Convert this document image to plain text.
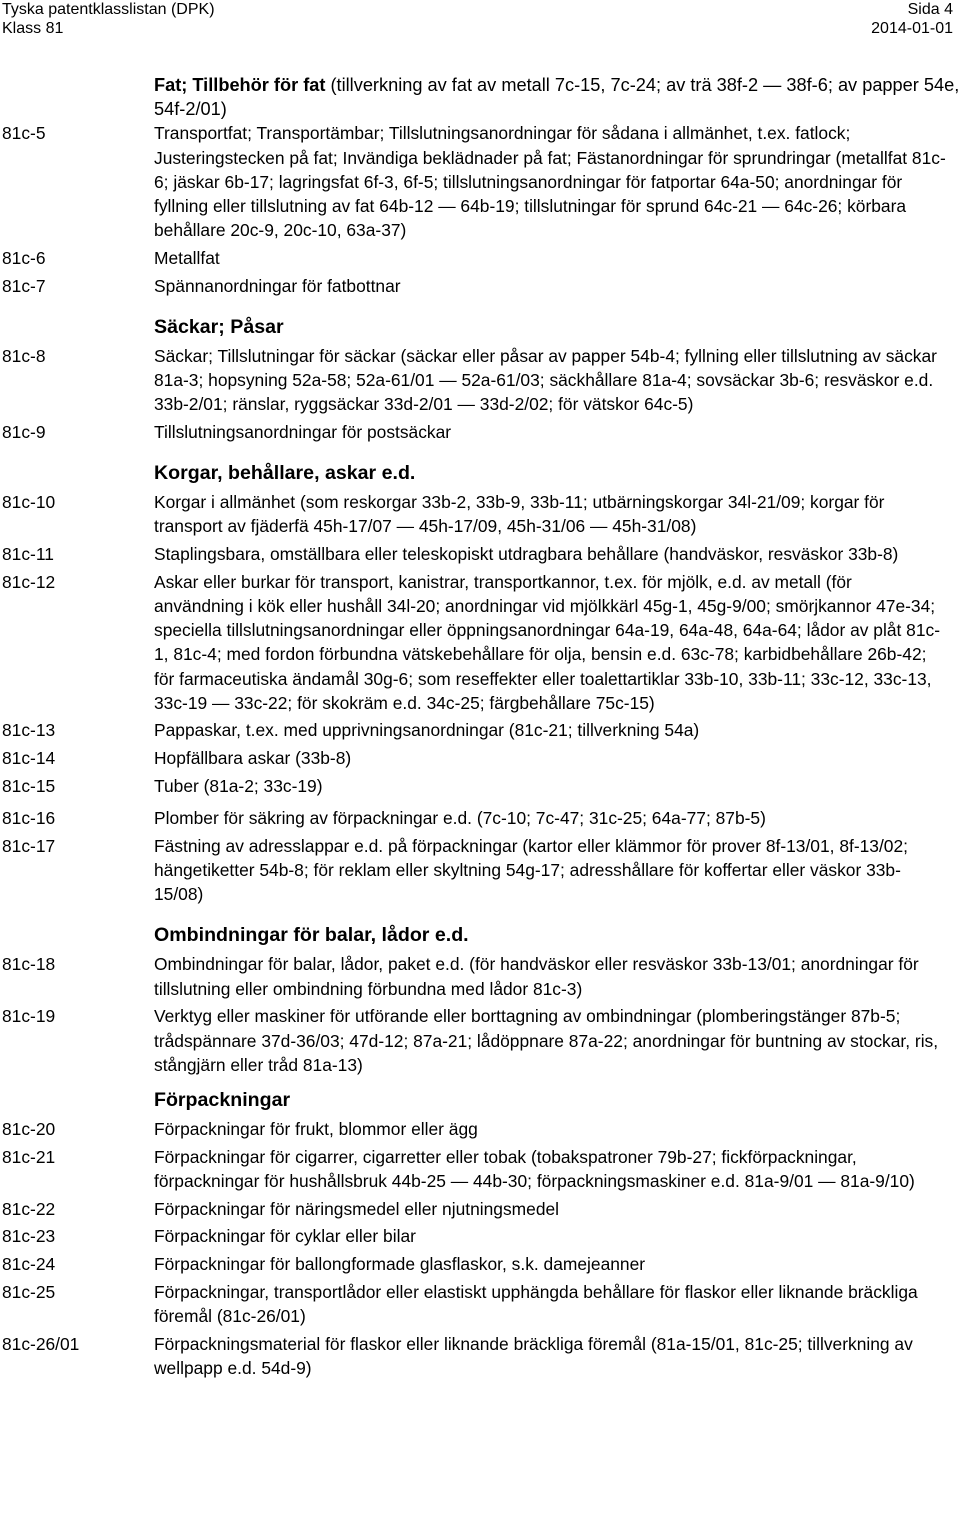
Tyska patentklasslistan (DPK)
Klass 81
Sida 4
2014-01-01
Fat; Tillbehör för fat (tillverkning av fat av metall 7c-15, 7c-24; av trä 38f-2 — 38f-6; av papper 54e, 54f-2/01)
81c-5	Transportfat; Transportämbar; Tillslutningsanordningar för sådana i allmänhet, t.ex. fatlock; Justeringstecken på fat; Invändiga beklädnader på fat; Fästanordningar för sprundringar (metallfat 81c-6; jäskar 6b-17; lagringsfat 6f-3, 6f-5; tillslutningsanordningar för fatportar 64a-50; anordningar för fyllning eller tillslutning av fat 64b-12 — 64b-19; tillslutningar för sprund 64c-21 — 64c-26; körbara behållare 20c-9, 20c-10, 63a-37)
81c-6	Metallfat
81c-7	Spännanordningar för fatbottnar
Säckar; Påsar
81c-8	Säckar; Tillslutningar för säckar (säckar eller påsar av papper 54b-4; fyllning eller tillslutning av säckar 81a-3; hopsyning 52a-58; 52a-61/01 — 52a-61/03; säckhållare 81a-4; sovsäckar 3b-6; resväskor e.d. 33b-2/01; ränslar, ryggsäckar 33d-2/01 — 33d-2/02; för vätskor 64c-5)
81c-9	Tillslutningsanordningar för postsäckar
Korgar, behållare, askar e.d.
81c-10	Korgar i allmänhet (som reskorgar 33b-2, 33b-9, 33b-11; utbärningskorgar 34l-21/09; korgar för transport av fjäderfä 45h-17/07 — 45h-17/09, 45h-31/06 — 45h-31/08)
81c-11	Staplingsbara, omställbara eller teleskopiskt utdragbara behållare (handväskor, resväskor 33b-8)
81c-12	Askar eller burkar för transport, kanistrar, transportkannor, t.ex. för mjölk, e.d. av metall (för användning i kök eller hushåll 34l-20; anordningar vid mjölkkärl 45g-1, 45g-9/00; smörjkannor 47e-34; speciella tillslutningsanordningar eller öppningsanordningar 64a-19, 64a-48, 64a-64; lådor av plåt 81c-1, 81c-4; med fordon förbundna vätskebehållare för olja, bensin e.d. 63c-78; karbidbehållare 26b-42; för farmaceutiska ändamål 30g-6; som reseffekter eller toalettartiklar 33b-10, 33b-11; 33c-12, 33c-13, 33c-19 — 33c-22; för skokräm e.d. 34c-25; färgbehållare 75c-15)
81c-13	Pappaskar, t.ex. med upprivningsanordningar (81c-21; tillverkning 54a)
81c-14	Hopfällbara askar (33b-8)
81c-15	Tuber (81a-2; 33c-19)
81c-16	Plomber för säkring av förpackningar e.d. (7c-10; 7c-47; 31c-25; 64a-77; 87b-5)
81c-17	Fästning av adresslappar e.d. på förpackningar (kartor eller klämmor för prover 8f-13/01, 8f-13/02; hängetiketter 54b-8; för reklam eller skyltning 54g-17; adresshållare för koffertar eller väskor 33b-15/08)
Ombindningar för balar, lådor e.d.
81c-18	Ombindningar för balar, lådor, paket e.d. (för handväskor eller resväskor 33b-13/01; anordningar för tillslutning eller ombindning förbundna med lådor 81c-3)
81c-19	Verktyg eller maskiner för utförande eller borttagning av ombindningar (plomberingstänger 87b-5; trådspännare 37d-36/03; 47d-12; 87a-21; lådöppnare 87a-22; anordningar för buntning av stockar, ris, stångjärn eller tråd 81a-13)
Förpackningar
81c-20	Förpackningar för frukt, blommor eller ägg
81c-21	Förpackningar för cigarrer, cigarretter eller tobak (tobakspatroner 79b-27; fickförpackningar, förpackningar för hushållsbruk 44b-25 — 44b-30; förpackningsmaskiner e.d. 81a-9/01 — 81a-9/10)
81c-22	Förpackningar för näringsmedel eller njutningsmedel
81c-23	Förpackningar för cyklar eller bilar
81c-24	Förpackningar för ballongformade glasflaskor, s.k. damejeanner
81c-25	Förpackningar, transportlådor eller elastiskt upphängda behållare för flaskor eller liknande bräckliga föremål (81c-26/01)
81c-26/01	Förpackningsmaterial för flaskor eller liknande bräckliga föremål (81a-15/01, 81c-25; tillverkning av wellpapp e.d. 54d-9)
